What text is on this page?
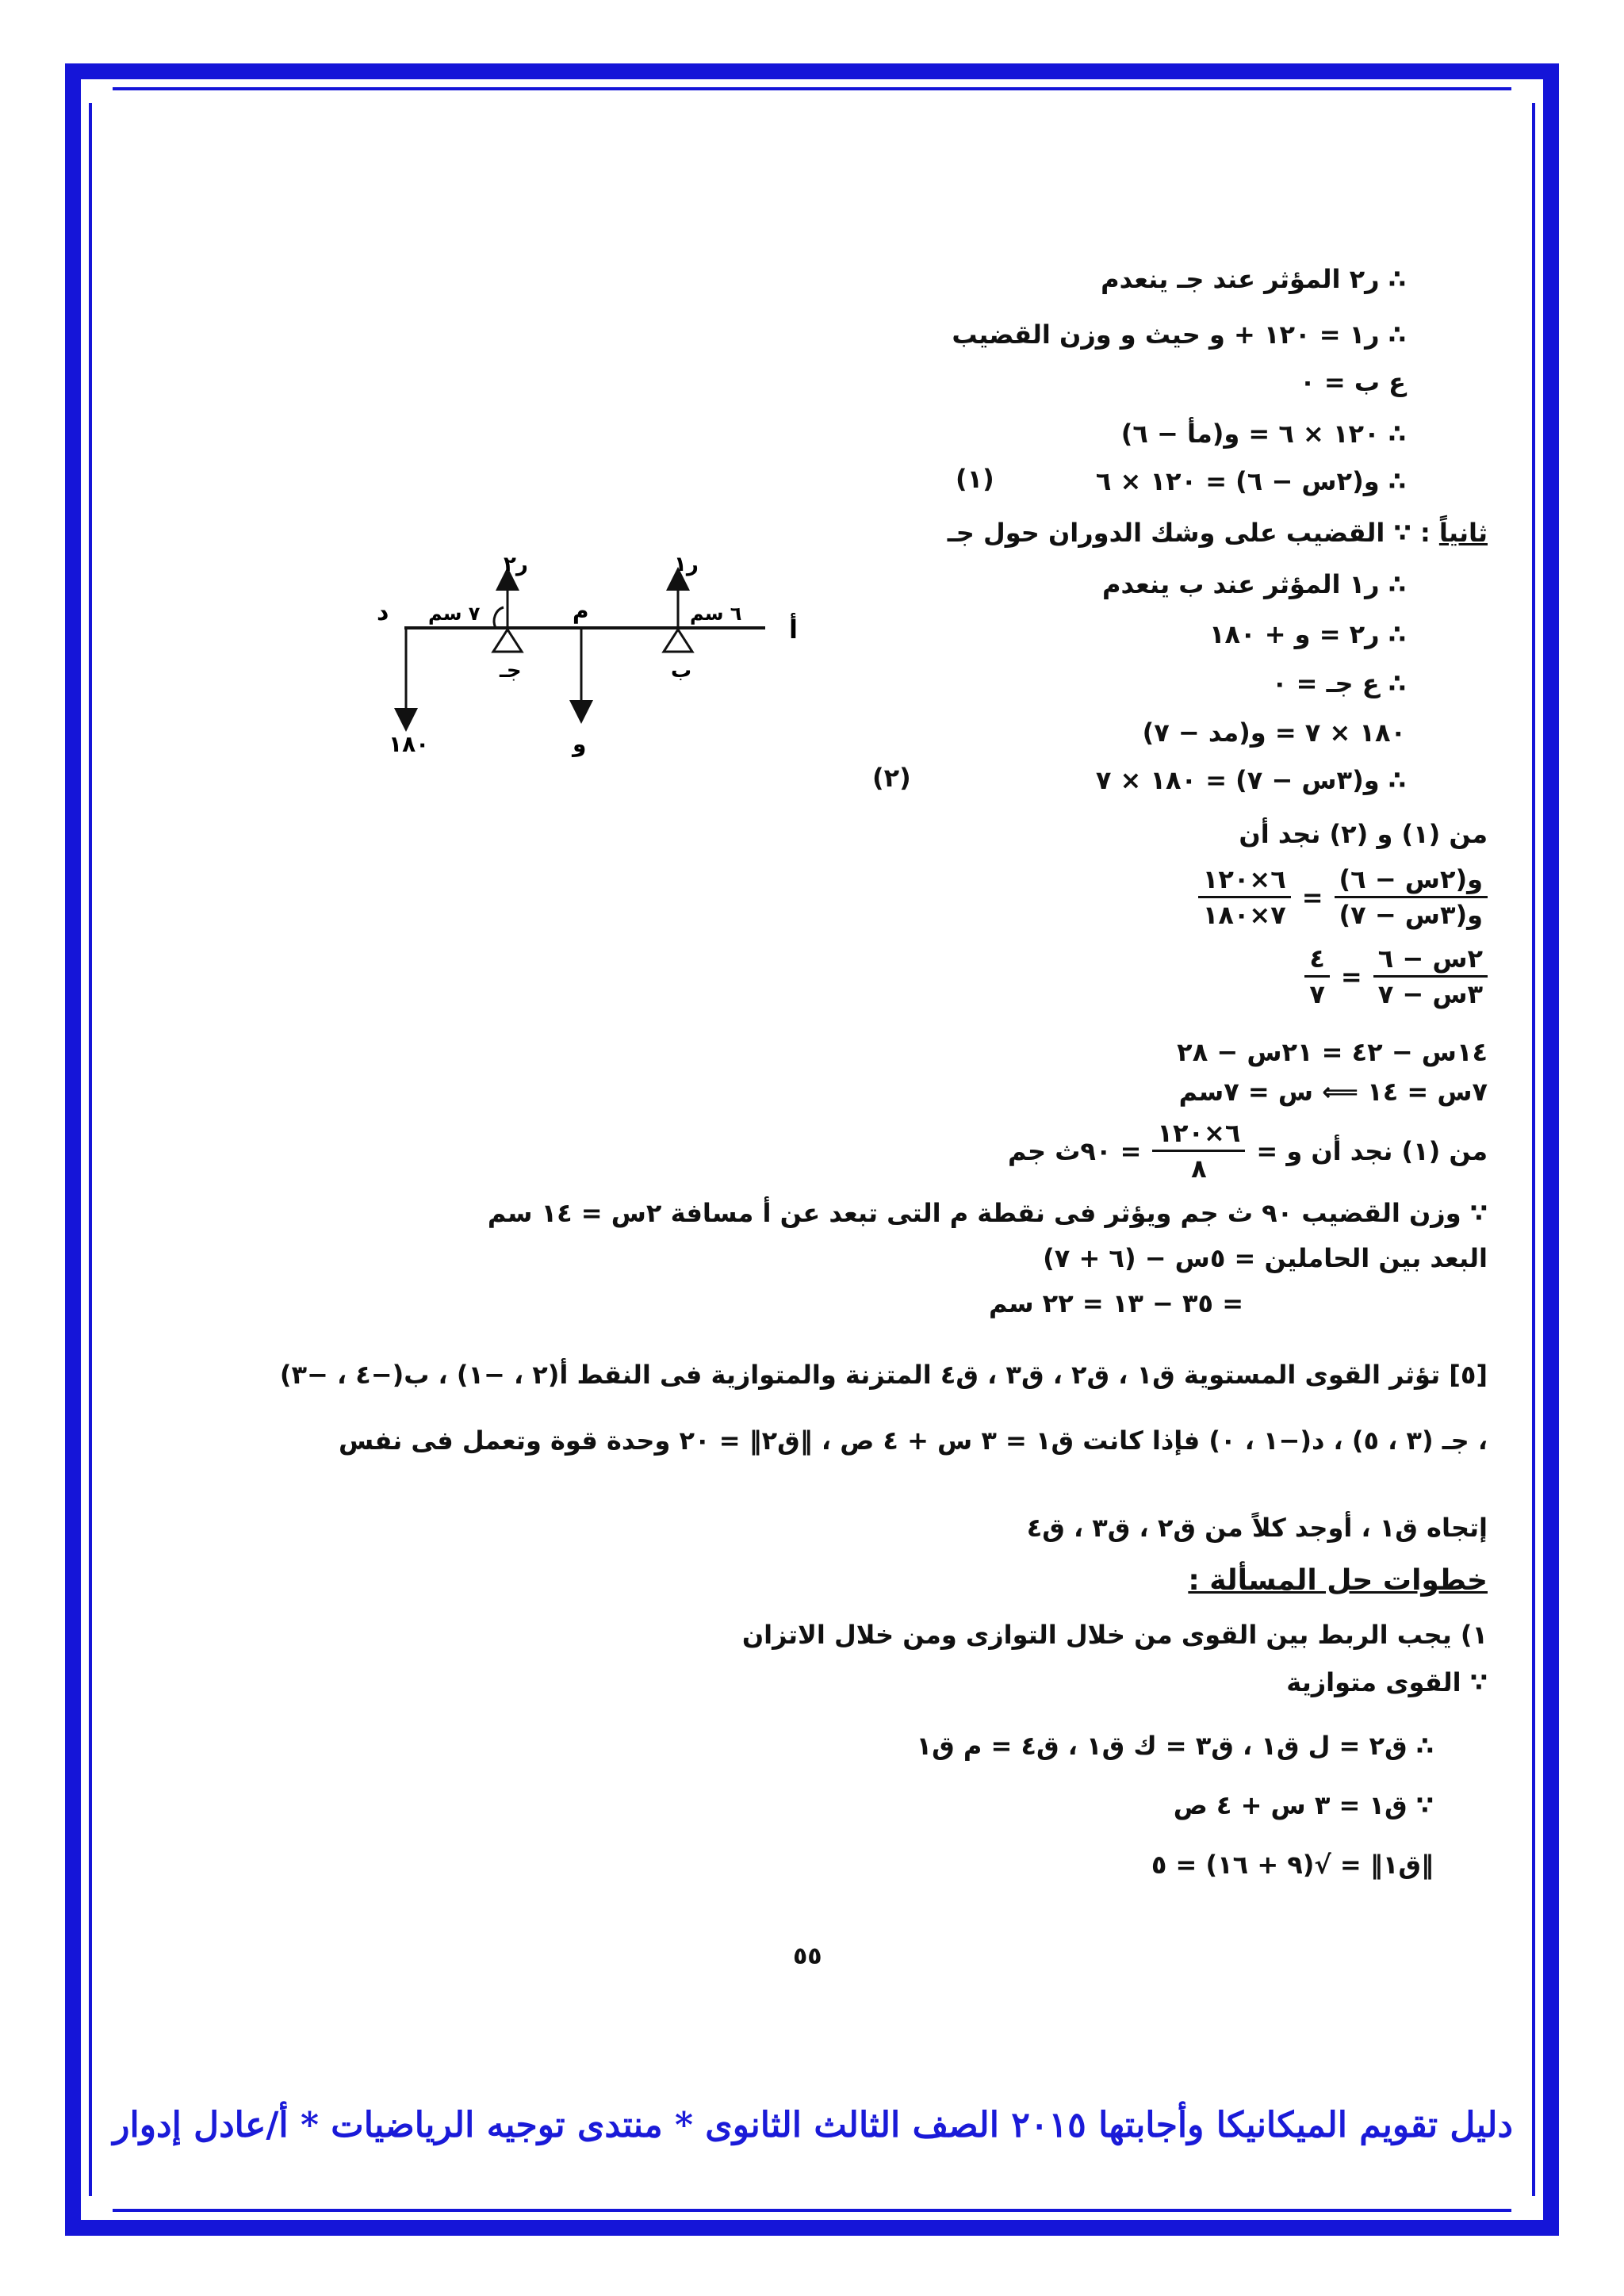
∴ ر٢ المؤثر عند جـ ينعدم
∴ ر١ = ١٢٠ + و حيث و وزن القضيب
ع ب = ٠
∴ ١٢٠ × ٦ = و(مأ − ٦)
∴ و(٢س − ٦) = ١٢٠ × ٦
(١)
ثانياً : ∵ القضيب على وشك الدوران حول جـ
∴ ر١ المؤثر عند ب ينعدم
∴ ر٢ = و + ١٨٠
∴ ع جـ = ٠
١٨٠ × ٧ = و(مد − ٧)
∴ و(٣س − ٧) = ١٨٠ × ٧
(٢)
من (١) و (٢) نجد أن
و(٢س − ٦)
و(٣س − ٧)
=
٦×١٢٠
٧×١٨٠
٢س − ٦
٣س − ٧
=
٤
٧
١٤س − ٤٢ = ٢١س − ٢٨
٧س = ١٤ ⟸ س = ٧سم
من (١) نجد أن و =
٦×١٢٠
٨
= ٩٠ث جم
∵ وزن القضيب ٩٠ ث جم ويؤثر فى نقطة م التى تبعد عن أ مسافة ٢س = ١٤ سم
البعد بين الحاملين = ٥س − (٦ + ٧)
= ٣٥ − ١٣ = ٢٢ سم
[٥] تؤثر القوى المستوية ق١ ، ق٢ ، ق٣ ، ق٤ المتزنة والمتوازية فى النقط أ(٢ ، −١) ، ب(−٤ ، −٣)
، جـ (٣ ، ٥) ، د(−١ ، ٠) فإذا كانت ق١ = ٣ س + ٤ ص ، ‖ق٢‖ = ٢٠ وحدة قوة وتعمل فى نفس
إتجاه ق١ ، أوجد كلاً من ق٢ ، ق٣ ، ق٤
خطوات حل المسألة :
١) يجب الربط بين القوى من خلال التوازى ومن خلال الاتزان
∵ القوى متوازية
∴ ق٢ = ل ق١ ، ق٣ = ك ق١ ، ق٤ = م ق١
∵ ق١ = ٣ س + ٤ ص
‖ق١‖ = √(٩ + ١٦) = ٥
د ٧ سم
ر٢
جـ
م	٦ سم
ر١
ب
أ
١٨٠	و
٥٥
دليل تقويم الميكانيكا وأجابتها ٢٠١٥ الصف الثالث الثانوى * منتدى توجيه الرياضيات * أ/عادل إدوار
